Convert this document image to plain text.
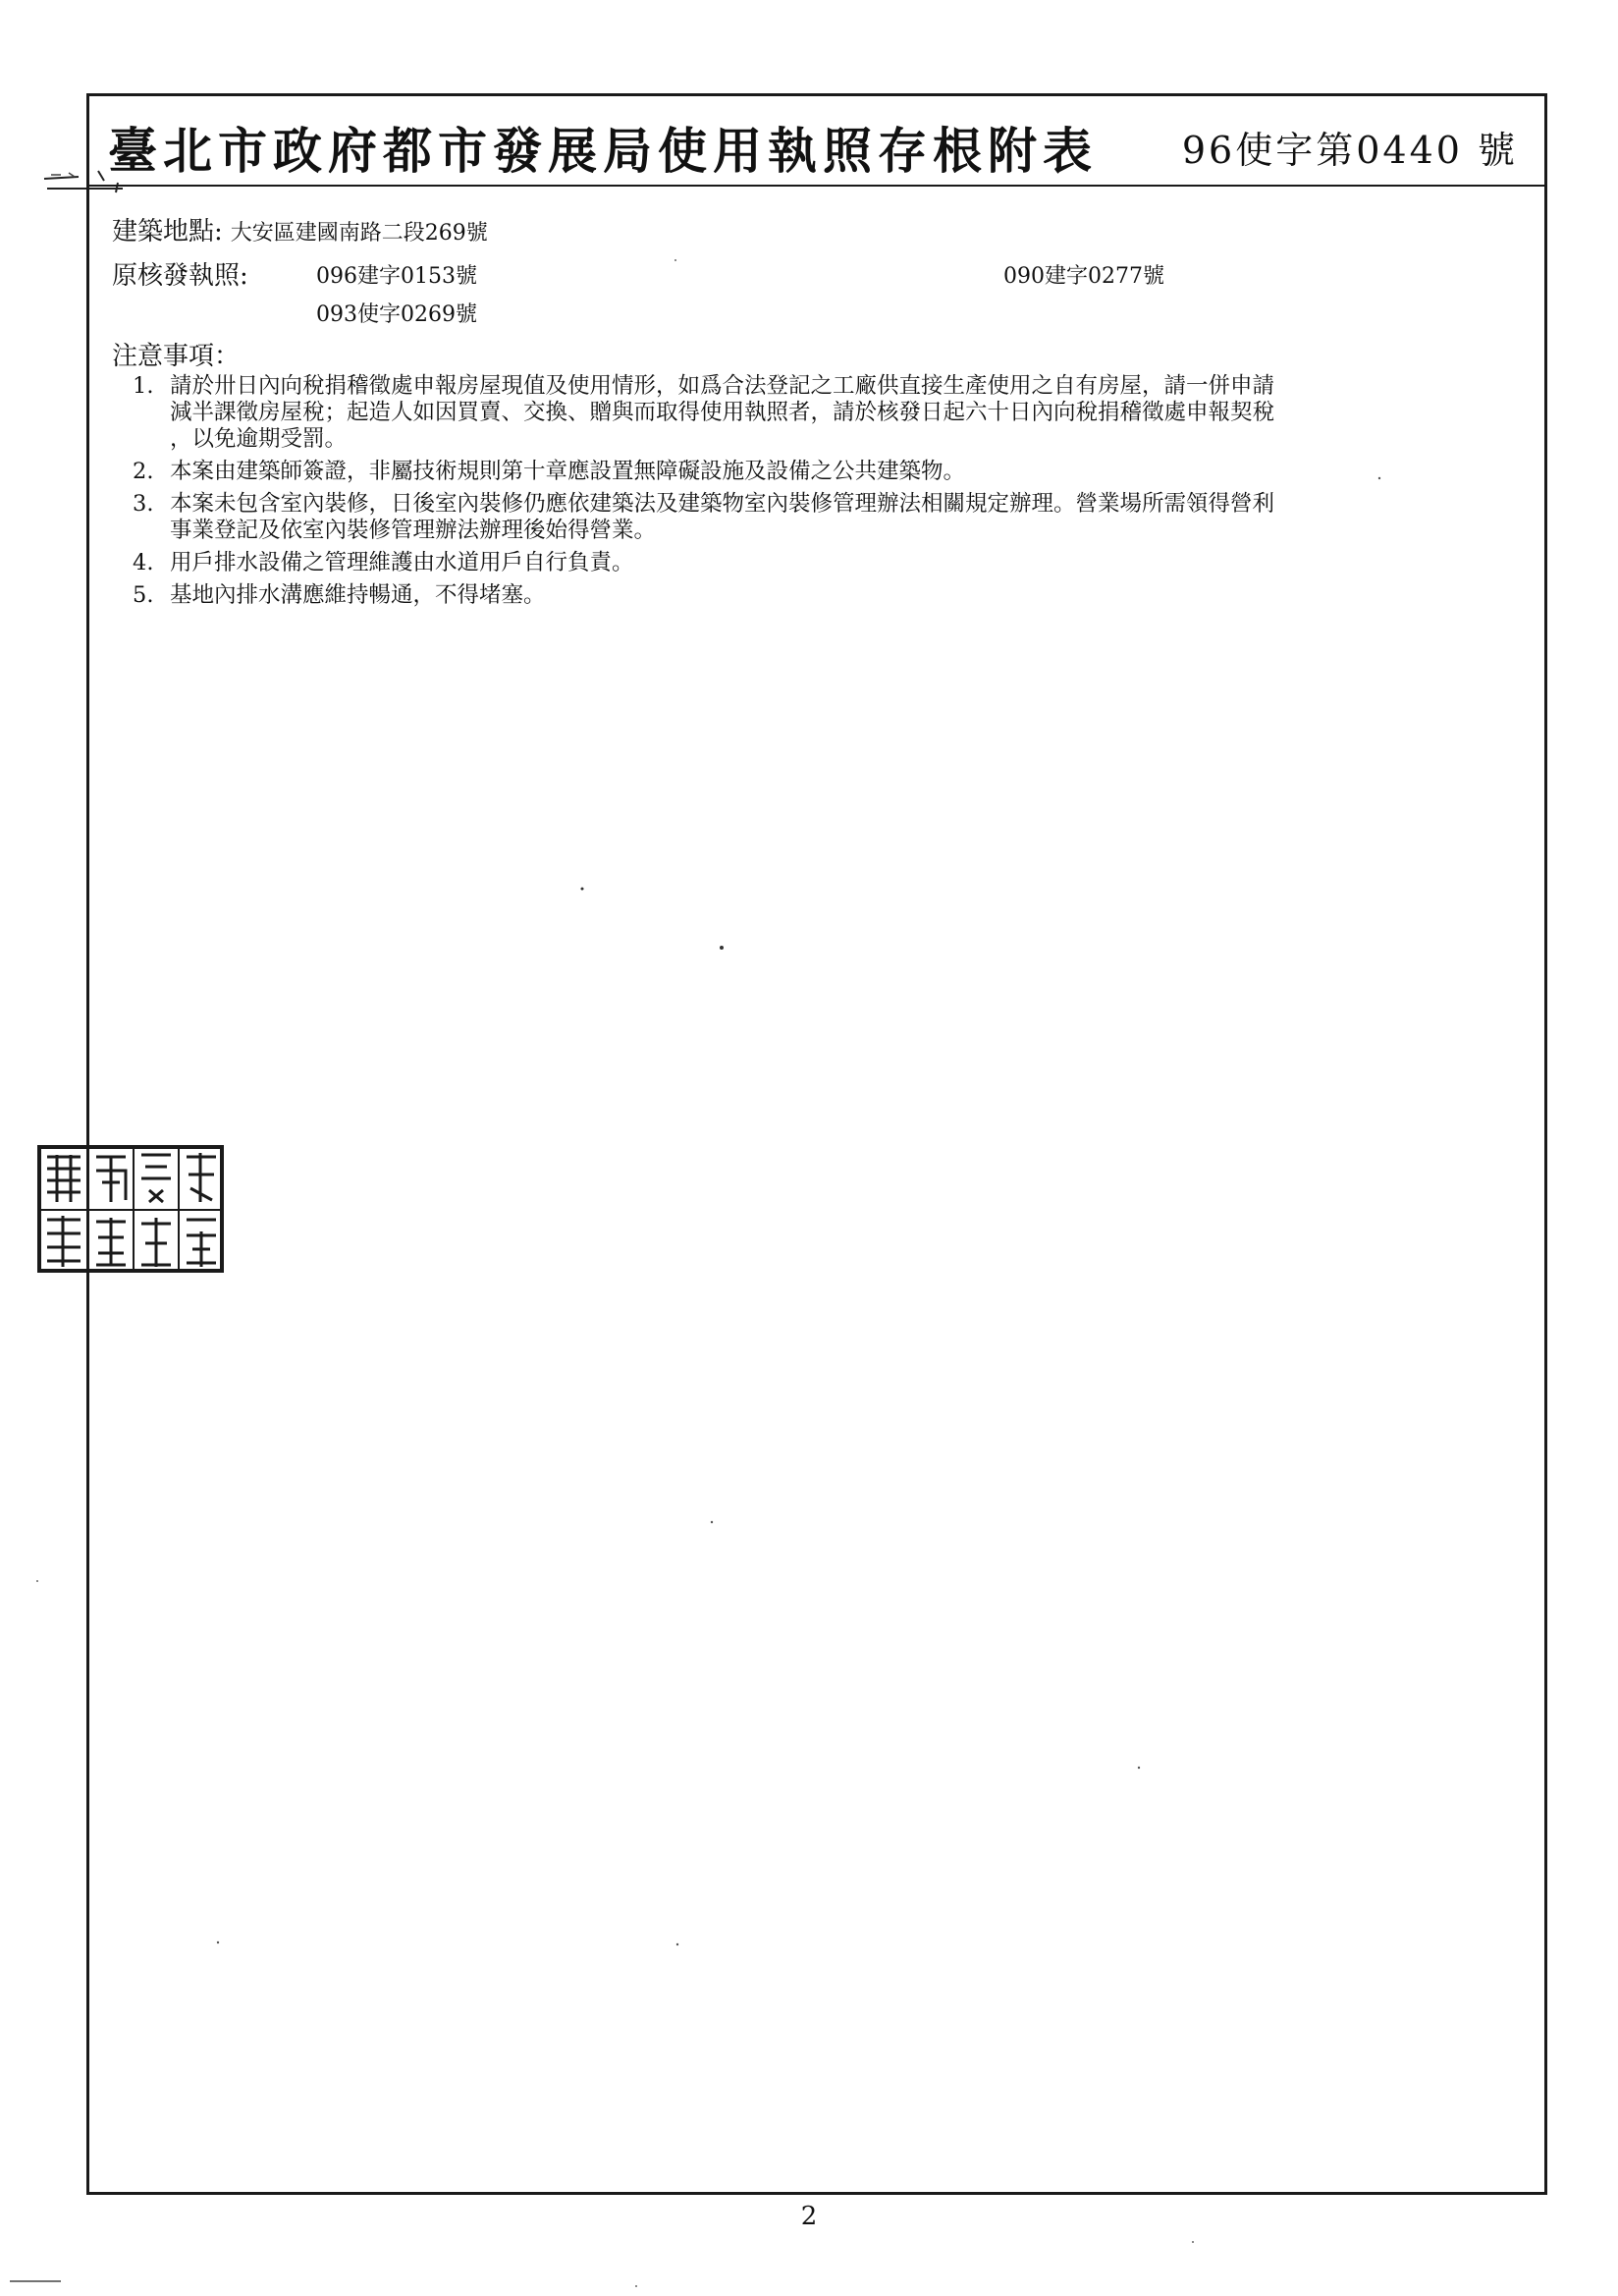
臺北市政府都市發展局使用執照存根附表 96使字第0440 號
建築地點: 大安區建國南路二段269號
原核發執照:	096建字0153號	090建字0277號
093使字0269號
注意事項：
1. 請於卅日內向稅捐稽徵處申報房屋現值及使用情形，如爲合法登記之工廠供直接生產使用之自有房屋，請一併申請
減半課徵房屋稅；起造人如因買賣、交換、贈與而取得使用執照者，請於核發日起六十日內向稅捐稽徵處申報契稅
，以免逾期受罰。
2. 本案由建築師簽證，非屬技術規則第十章應設置無障礙設施及設備之公共建築物。
3. 本案未包含室內裝修，日後室內裝修仍應依建築法及建築物室內裝修管理辦法相關規定辦理。營業場所需領得營利
事業登記及依室內裝修管理辦法辦理後始得營業。
4. 用戶排水設備之管理維護由水道用戶自行負責。
5. 基地內排水溝應維持暢通，不得堵塞。
2
